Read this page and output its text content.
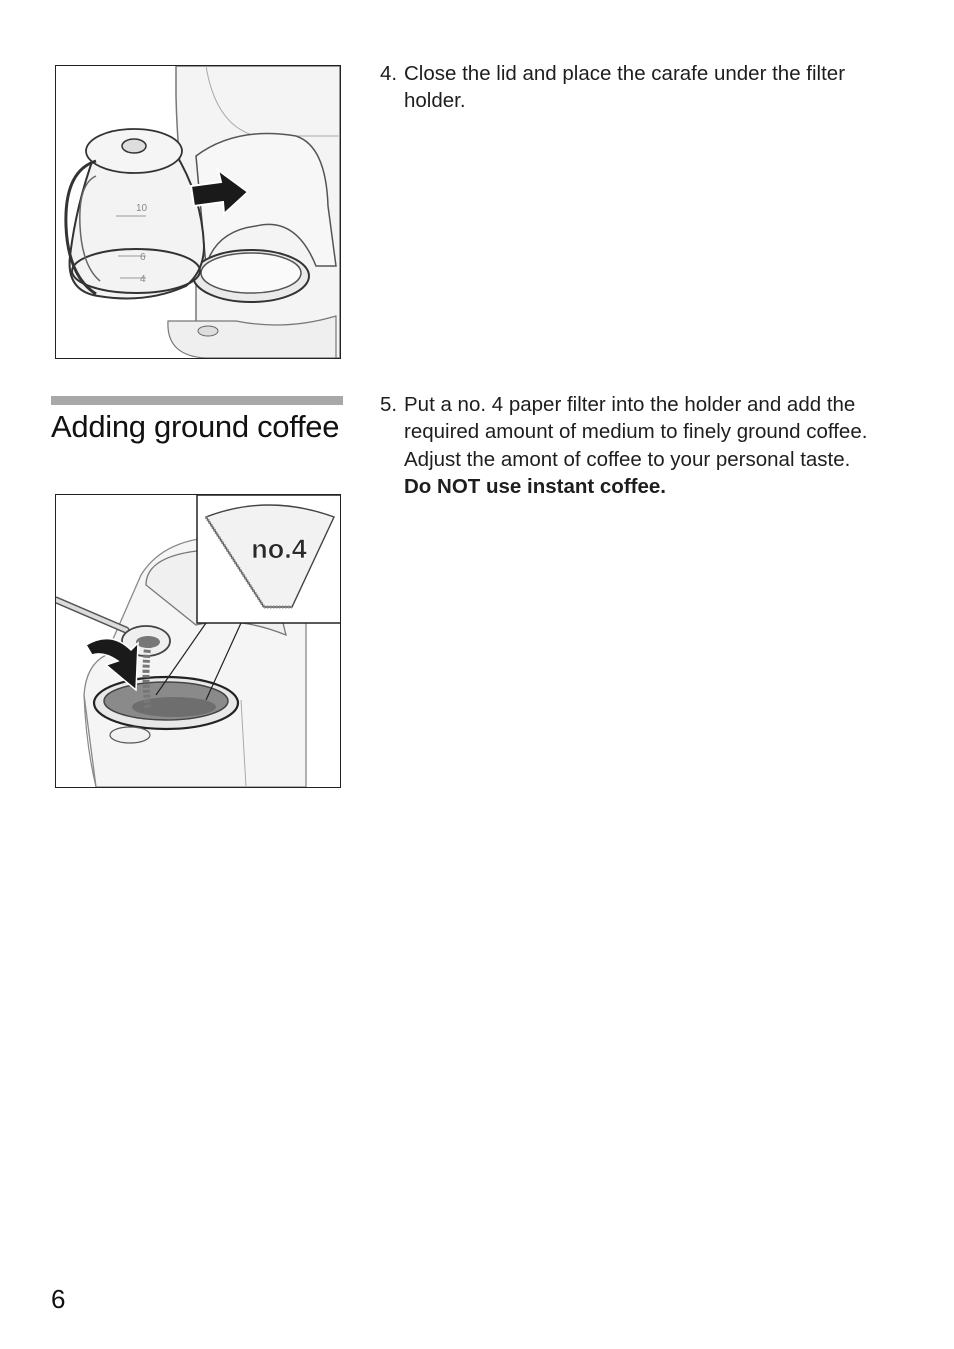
10
6
4
Adding ground coffee
no.4
4. Close the lid and place the carafe under the filter holder.

5. Put a no. 4 paper filter into the holder and add the required amount of medium to finely ground coffee.

Adjust the amont of coffee to your personal taste.

Do NOT use instant coffee.

6
